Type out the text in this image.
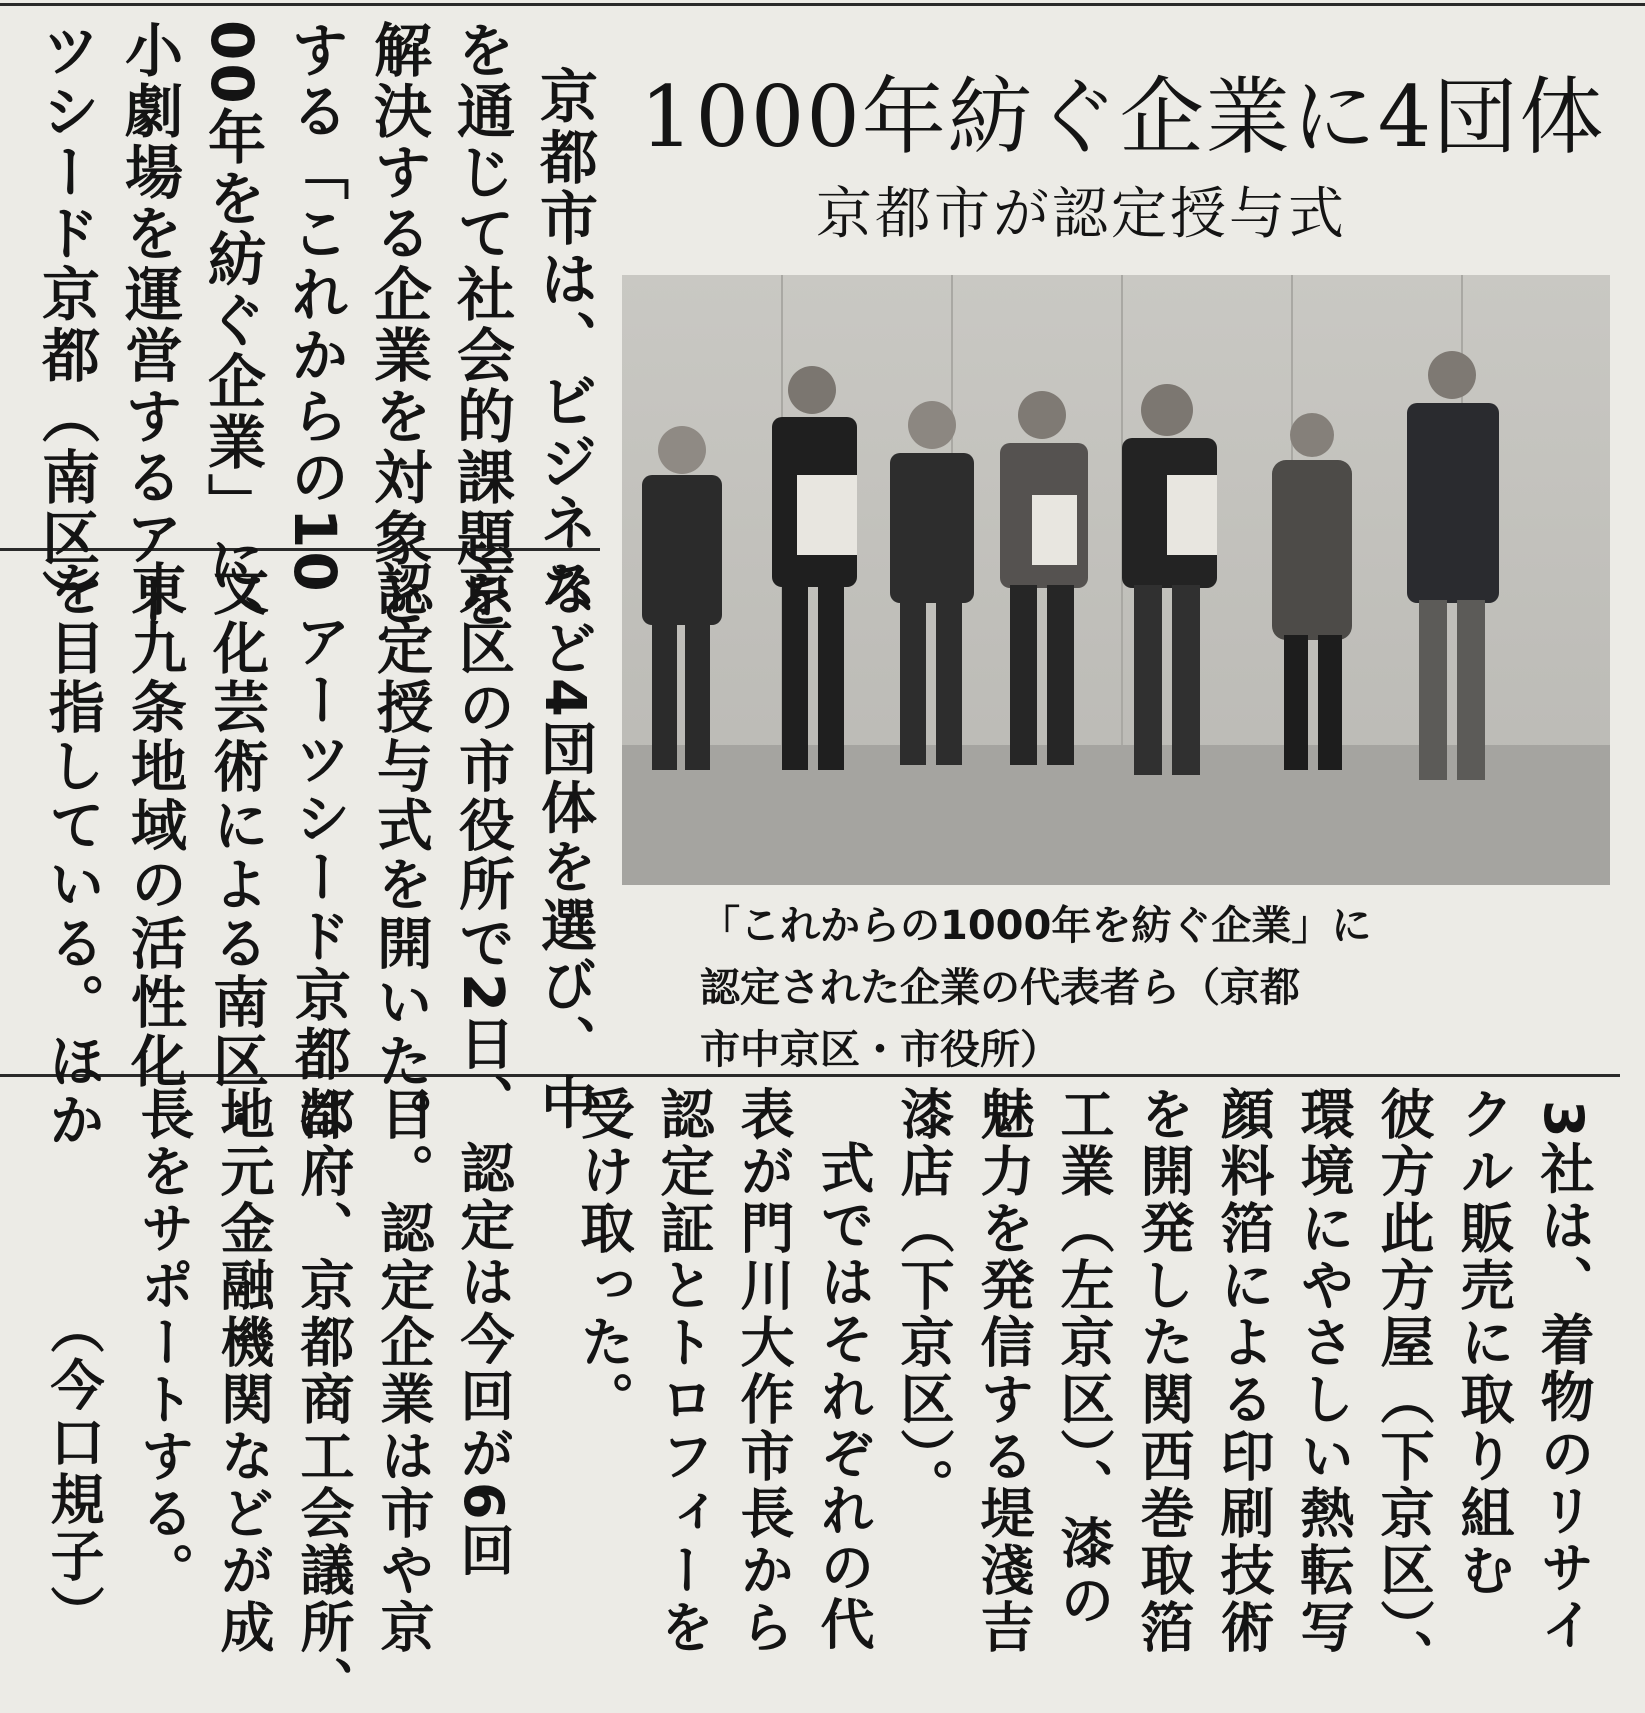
京都市は、ビジネス
を通じて社会的課題を
解決する企業を対象と
する「これからの10
00年を紡ぐ企業」に、
小劇場を運営するアー
ツシード京都（南区）
など4団体を選び、中
京区の市役所で2日、
認定授与式を開いた。
アーツシード京都は
文化芸術による南区・
東九条地域の活性化
を目指している。ほか
1000年紡ぐ企業に4団体
京都市が認定授与式
「これからの1000年を紡ぐ企業」に
認定された企業の代表者ら（京都
市中京区・市役所）
3社は、着物のリサイ
クル販売に取り組む
彼方此方屋（下京区）、
環境にやさしい熱転写
顔料箔による印刷技術
を開発した関西巻取箔
工業（左京区）、漆の
魅力を発信する堤淺吉
漆店（下京区）。
式ではそれぞれの代
表が門川大作市長から
認定証とトロフィーを
受け取った。
認定は今回が6回
目。認定企業は市や京
都府、京都商工会議所、
地元金融機関などが成
長をサポートする。
（今口規子）
